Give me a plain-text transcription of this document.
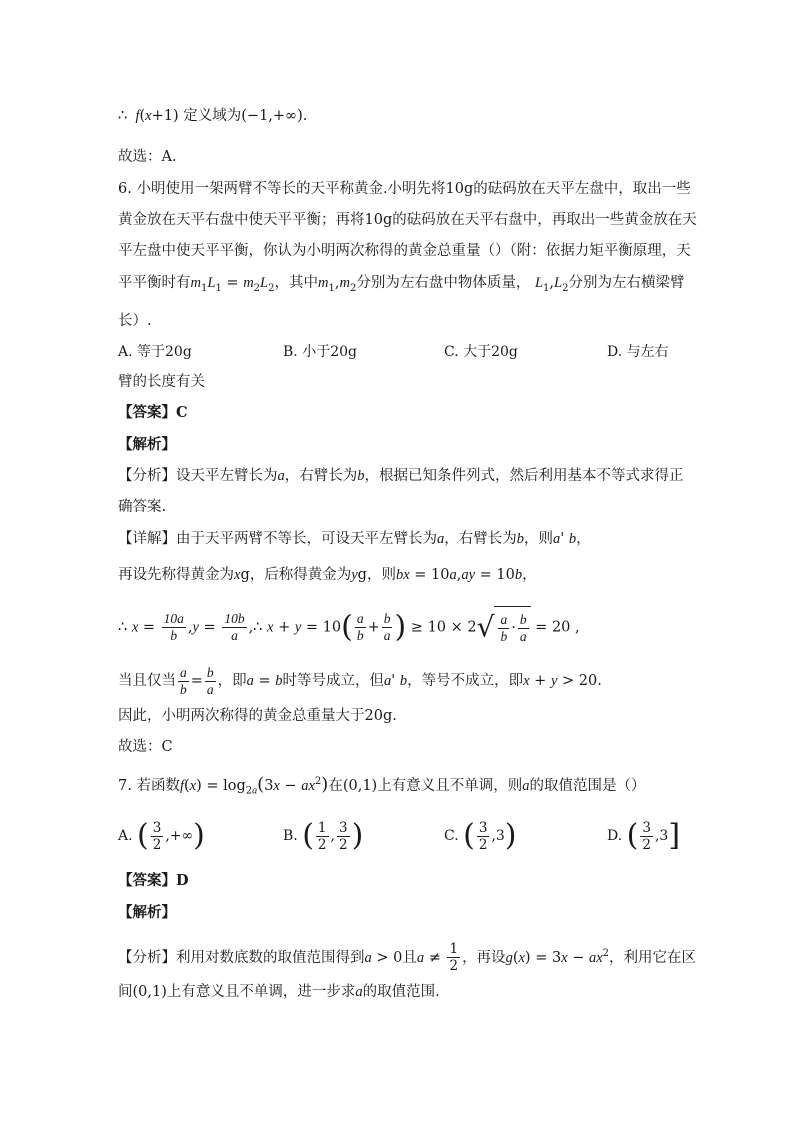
∴  f(x+1) 定义域为(−1,+∞).
故选：A.
6. 小明使用一架两臂不等长的天平称黄金.小明先将10g的砝码放在天平左盘中，取出一些
黄金放在天平右盘中使天平平衡；再将10g的砝码放在天平右盘中，再取出一些黄金放在天
平左盘中使天平平衡，你认为小明两次称得的黄金总重量（）（附：依据力矩平衡原理，天
平平衡时有$m_1L_1 = m_2L_2$，其中$m_1,m_2$分别为左右盘中物体质量， $L_1,L_2$分别为左右横梁臂
长）.
A. 等于20g	B. 小于20g	C. 大于20g	D. 与左右
臂的长度有关
【答案】C
【解析】
【分析】设天平左臂长为a，右臂长为b，根据已知条件列式，然后利用基本不等式求得正
确答案.
【详解】由于天平两臂不等长，可设天平左臂长为a，右臂长为b，则a' b，
再设先称得黄金为xg，后称得黄金为yg，则bx = 10a,ay = 10b，
∴ $x = \frac{10a}{b} ,y = \frac{10b}{a}$ ,∴ $x + y = 10( \frac{a}{b} + \frac{b}{a}$ ) ≥ $10 \times 2√ \frac{a}{b} \cdot \frac{b}{a} = 20$ ,
当且仅当 $\frac{a}{b} = \frac{b}{a}$ ，即a = b时等号成立，但a' b，等号不成立，即x + y > 20.
因此，小明两次称得的黄金总重量大于20g.
故选：C
7. 若函数$f(x) = \log_{2a}(3x - ax^2)$在(0,1)上有意义且不单调，则a的取值范围是（）
A. ( $\frac{3}{2}$ ,+∞)	B. ( $\frac{1}{2}$ , $\frac{3}{2}$ )	C. ( $\frac{3}{2} ,3$)	D. ( $\frac{3}{2} ,3$]
【答案】D
【解析】
【分析】利用对数底数的取值范围得到a > 0且$a \ne \frac{1}{2}$ ，再设$g(x) = 3x - ax^2$，利用它在区
间(0,1)上有意义且不单调，进一步求a的取值范围.
